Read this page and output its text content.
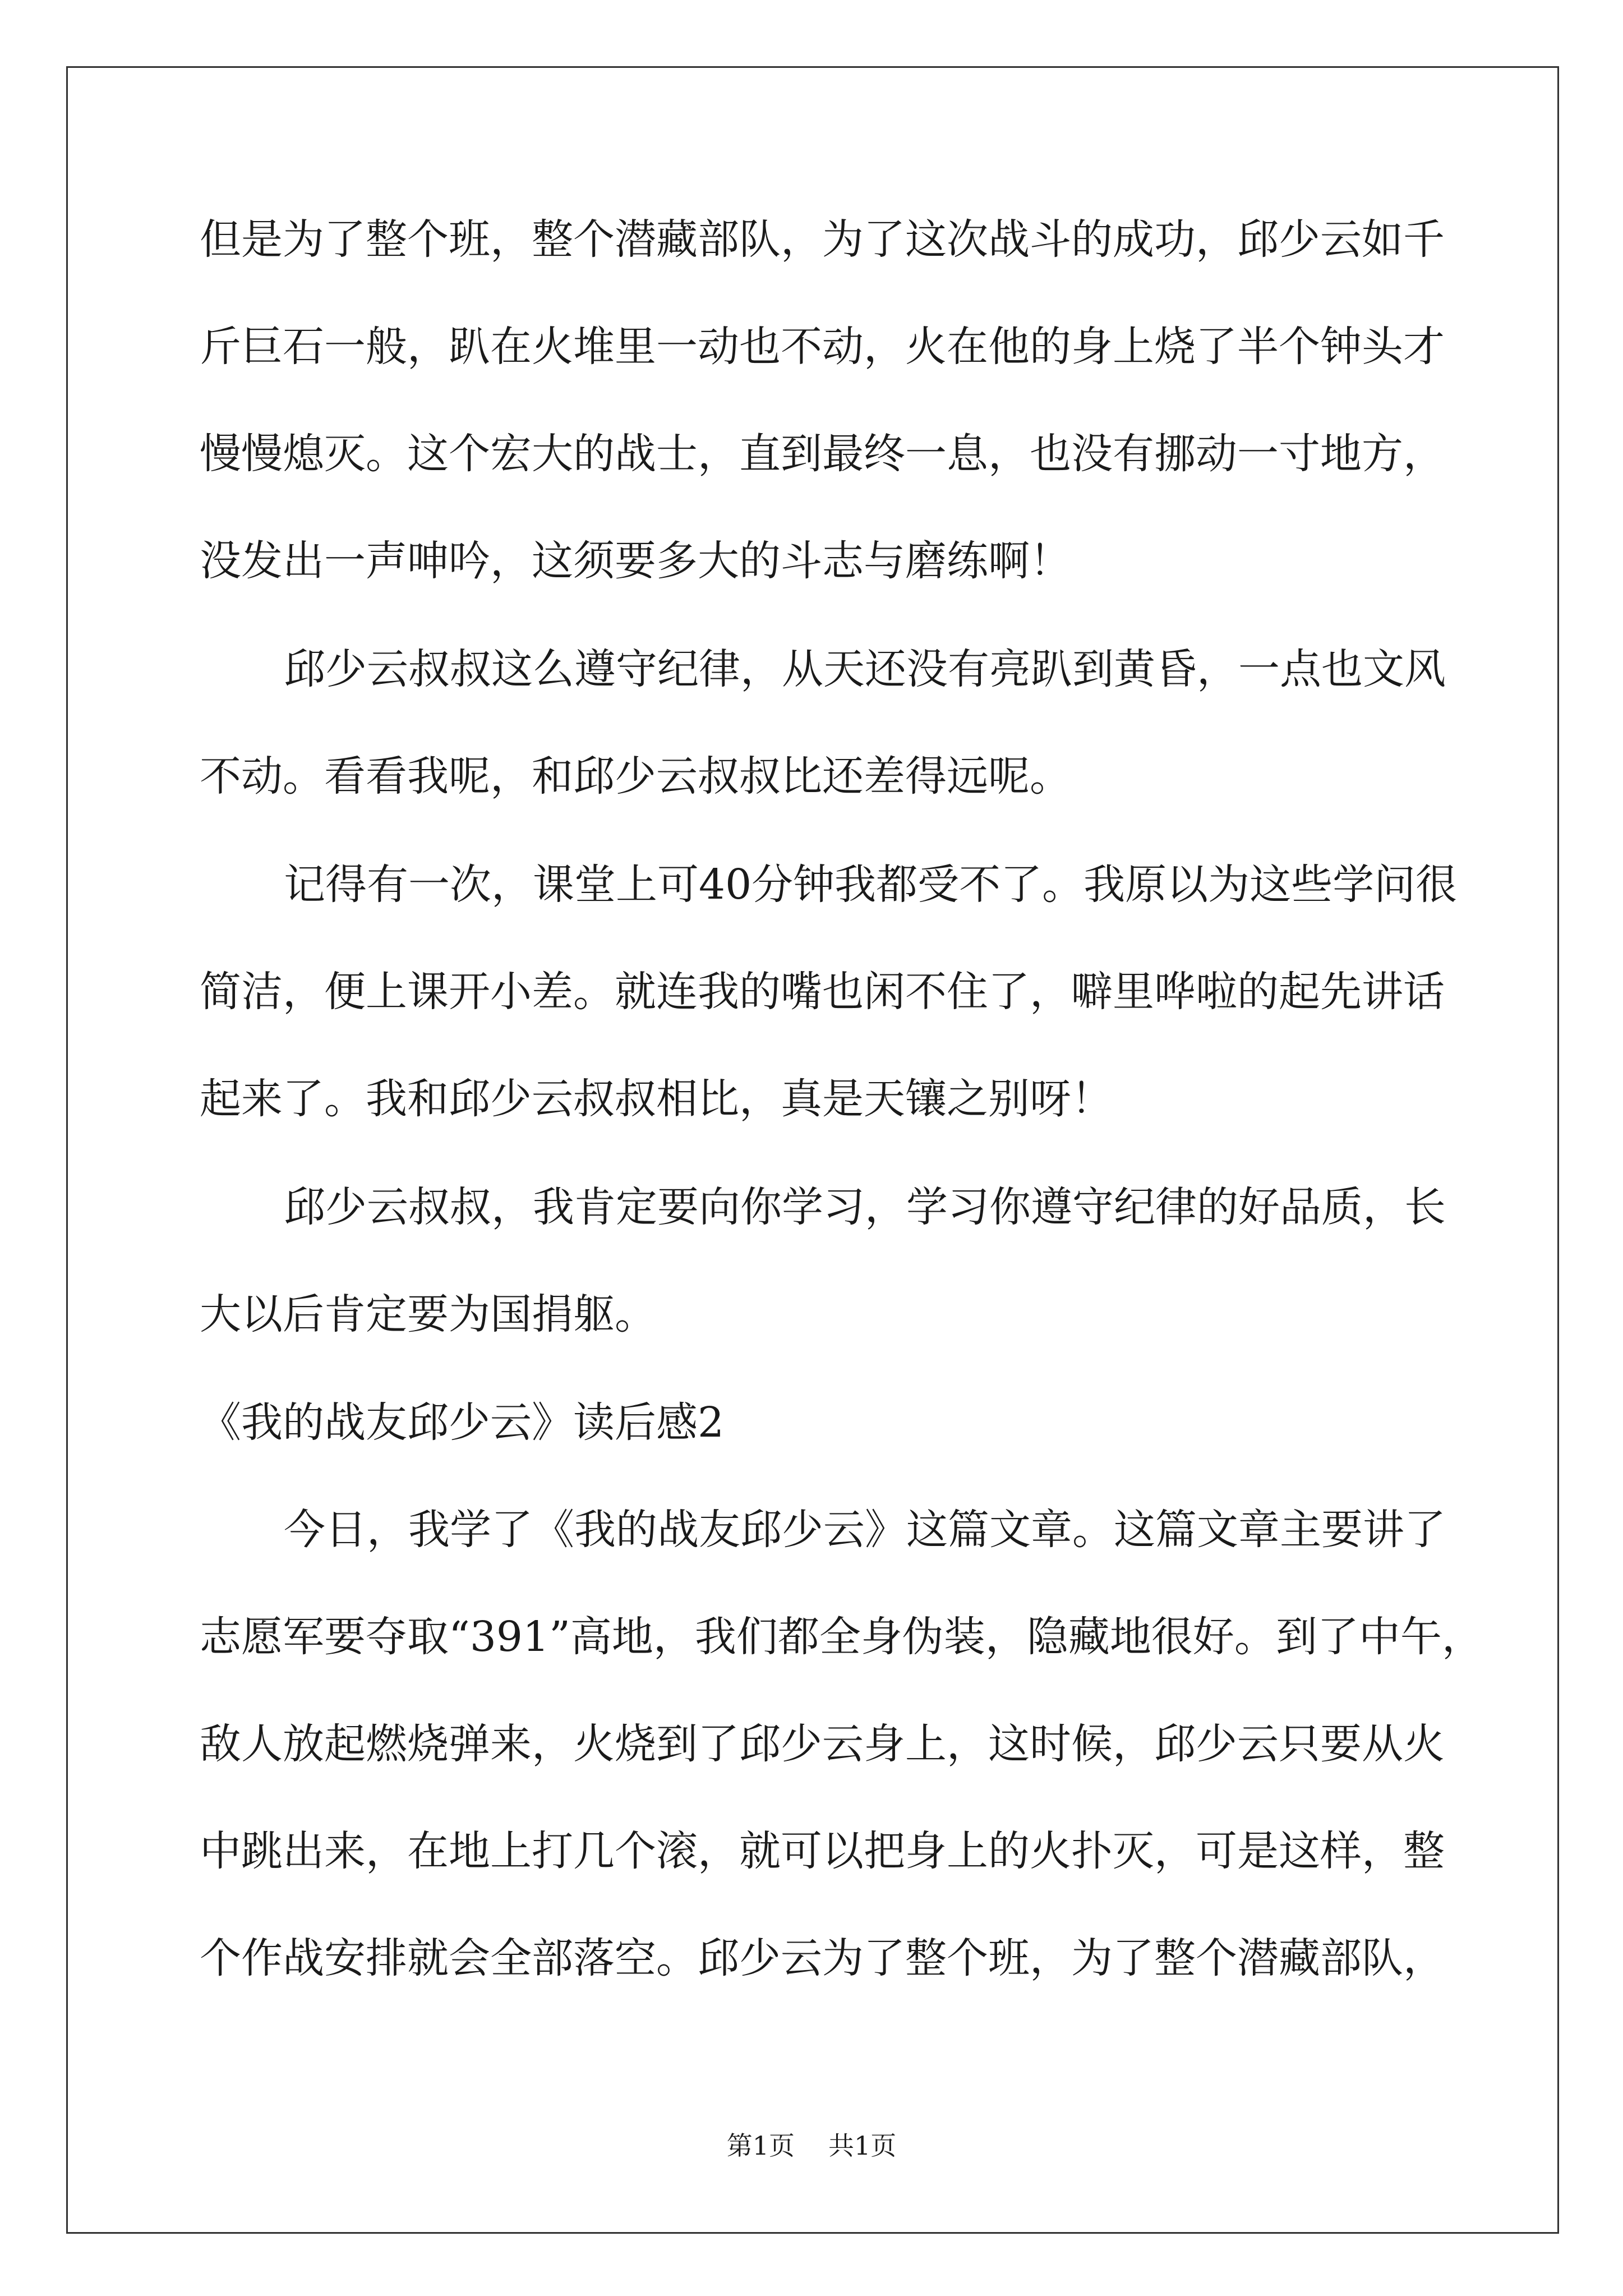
但是为了整个班，整个潜藏部队，为了这次战斗的成功，邱少云如千
斤巨石一般，趴在火堆里一动也不动，火在他的身上烧了半个钟头才
慢慢熄灭。这个宏大的战士，直到最终一息，也没有挪动一寸地方，
没发出一声呻吟，这须要多大的斗志与磨练啊！
邱少云叔叔这么遵守纪律，从天还没有亮趴到黄昏，一点也文风
不动。看看我呢，和邱少云叔叔比还差得远呢。
记得有一次，课堂上可40分钟我都受不了。我原以为这些学问很
简洁，便上课开小差。就连我的嘴也闲不住了，噼里哗啦的起先讲话
起来了。我和邱少云叔叔相比，真是天镶之别呀！
邱少云叔叔，我肯定要向你学习，学习你遵守纪律的好品质，长
大以后肯定要为国捐躯。
《我的战友邱少云》读后感2
今日，我学了《我的战友邱少云》这篇文章。这篇文章主要讲了
志愿军要夺取“391”高地，我们都全身伪装，隐藏地很好。到了中午，
敌人放起燃烧弹来，火烧到了邱少云身上，这时候，邱少云只要从火
中跳出来，在地上打几个滚，就可以把身上的火扑灭，可是这样，整
个作战安排就会全部落空。邱少云为了整个班，为了整个潜藏部队，
第1页 共1页
